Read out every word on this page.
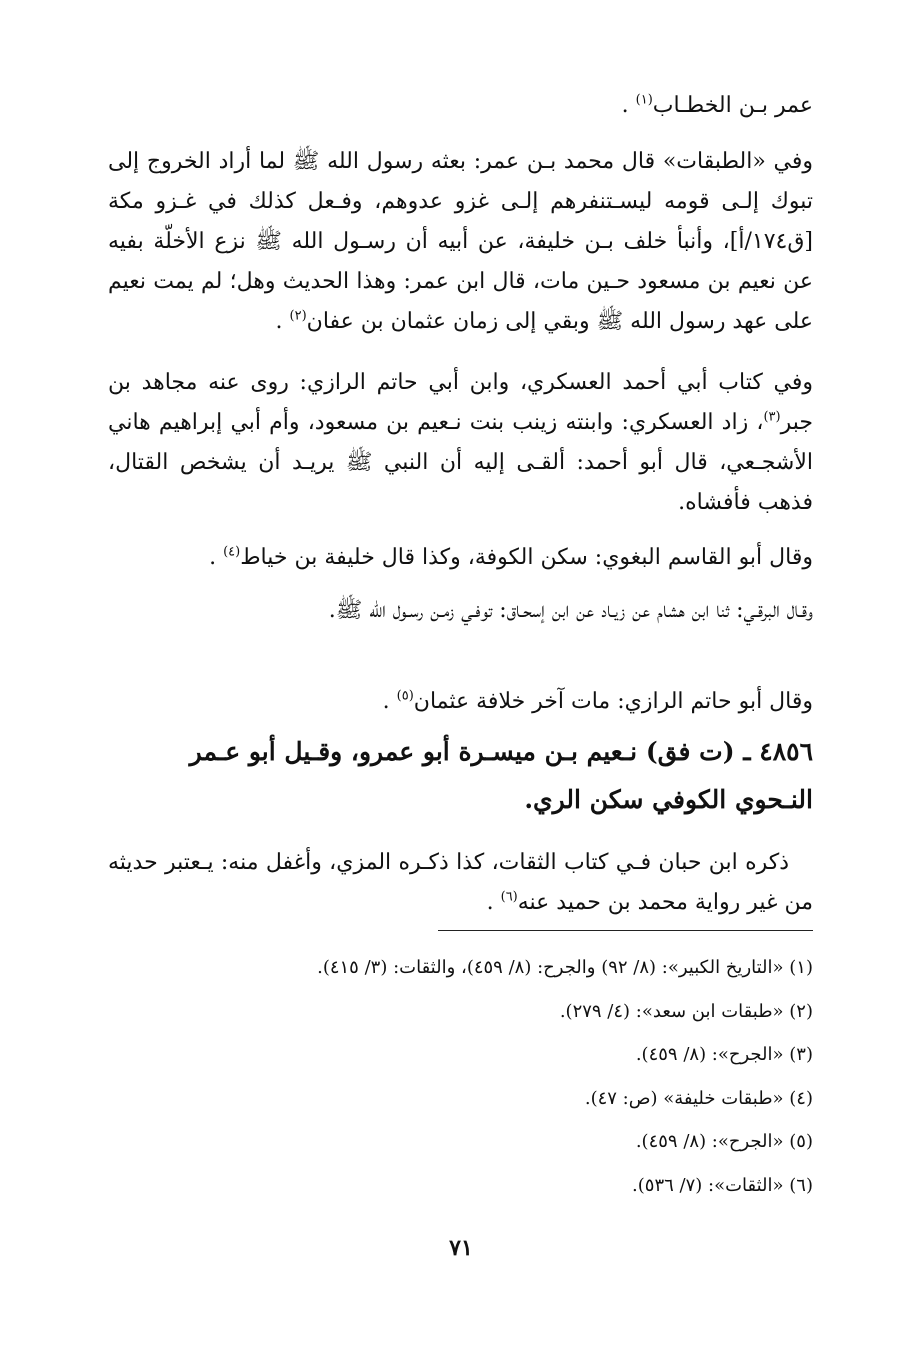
عمر بـن الخطـاب$^{(١)}$ .
وفي «الطبقات» قال محمد بـن عمر: بعثه رسول الله ﷺ لما أراد الخروج إلى تبوك إلـى قومه ليسـتنفرهم إلـى غزو عدوهم، وفـعل كذلك في غـزو مكة [ق١٧٤/أ]، وأنبأ خلف بـن خليفة، عن أبيه أن رسـول الله ﷺ نزع الأخلّة بفيه عن نعيم بن مسعود حـين مات، قال ابن عمر: وهذا الحديث وهل؛ لم يمت نعيم على عهد رسول الله ﷺ وبقي إلى زمان عثمان بن عفان$^{(٢)}$ .
وفي كتاب أبي أحمد العسكري، وابن أبي حاتم الرازي: روى عنه مجاهد بن جبر$^{(٣)}$، زاد العسكري: وابنته زينب بنت نـعيم بن مسعود، وأم أبي إبراهيم هاني الأشجـعي، قال أبو أحمد: ألقـى إليه أن النبي ﷺ يريـد أن يشخص القتال، فذهب فأفشاه.
وقال أبو القاسم البغوي: سكن الكوفة، وكذا قال خليفة بن خياط$^{(٤)}$ .
وقـال البرقـي: ثنا ابن هشام عن زيـاد عن ابن إسحـاق: توفـي زمـن رسـول الله ﷺ.
وقال أبو حاتم الرازي: مات آخر خلافة عثمان$^{(٥)}$ .
٤٨٥٦ ـ (ت فق) نـعيم بـن ميسـرة أبو عمرو، وقـيل أبو عـمر النـحوي الكوفي سكن الري.
ذكره ابن حبان فـي كتاب الثقات، كذا ذكـره المزي، وأغفل منه: يـعتبر حديثه من غير رواية محمد بن حميد عنه$^{(٦)}$ .
(١) «التاريخ الكبير»: (٨/ ٩٢) والجرح: (٨/ ٤٥٩)، والثقات: (٣/ ٤١٥).
(٢) «طبقات ابن سعد»: (٤/ ٢٧٩).
(٣) «الجرح»: (٨/ ٤٥٩).
(٤) «طبقات خليفة» (ص: ٤٧).
(٥) «الجرح»: (٨/ ٤٥٩).
(٦) «الثقات»: (٧/ ٥٣٦).
٧١
